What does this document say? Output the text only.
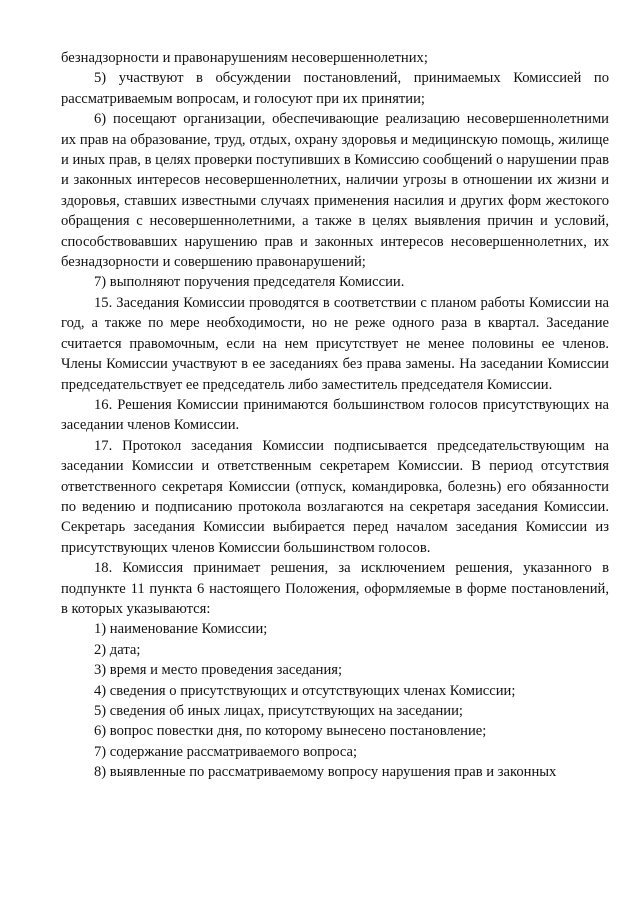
безнадзорности и правонарушениям несовершеннолетних;

5) участвуют в обсуждении постановлений, принимаемых Комиссией по рассматриваемым вопросам, и голосуют при их принятии;

6) посещают организации, обеспечивающие реализацию несовершеннолетними их прав на образование, труд, отдых, охрану здоровья и медицинскую помощь, жилище и иных прав, в целях проверки поступивших в Комиссию сообщений о нарушении прав и законных интересов несовершеннолетних, наличии угрозы в отношении их жизни и здоровья, ставших известными случаях применения насилия и других форм жестокого обращения с несовершеннолетними, а также в целях выявления причин и условий, способствовавших нарушению прав и законных интересов несовершеннолетних, их безнадзорности и совершению правонарушений;

7) выполняют поручения председателя Комиссии.

15. Заседания Комиссии проводятся в соответствии с планом работы Комиссии на год, а также по мере необходимости, но не реже одного раза в квартал. Заседание считается правомочным, если на нем присутствует не менее половины ее членов. Члены Комиссии участвуют в ее заседаниях без права замены. На заседании Комиссии председательствует ее председатель либо заместитель председателя Комиссии.

16. Решения Комиссии принимаются большинством голосов присутствующих на заседании членов Комиссии.

17. Протокол заседания Комиссии подписывается председательствующим на заседании Комиссии и ответственным секретарем Комиссии. В период отсутствия ответственного секретаря Комиссии (отпуск, командировка, болезнь) его обязанности по ведению и подписанию протокола возлагаются на секретаря заседания Комиссии. Секретарь заседания Комиссии выбирается перед началом заседания Комиссии из присутствующих членов Комиссии большинством голосов.

18. Комиссия принимает решения, за исключением решения, указанного в подпункте 11 пункта 6 настоящего Положения, оформляемые в форме постановлений, в которых указываются:

1) наименование Комиссии;

2) дата;

3) время и место проведения заседания;

4) сведения о присутствующих и отсутствующих членах Комиссии;

5) сведения об иных лицах, присутствующих на заседании;

6) вопрос повестки дня, по которому вынесено постановление;

7) содержание рассматриваемого вопроса;

8) выявленные по рассматриваемому вопросу нарушения прав и законных
